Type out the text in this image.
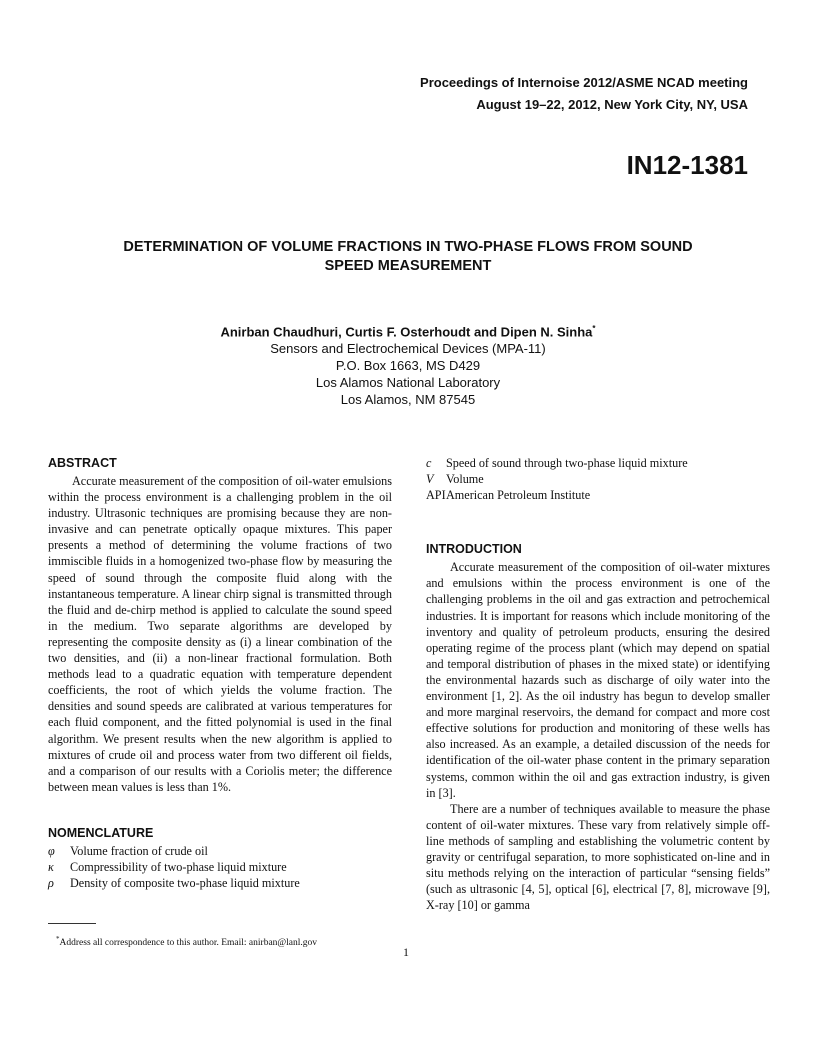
Proceedings of Internoise 2012/ASME NCAD meeting
August 19–22, 2012, New York City, NY, USA
IN12-1381
DETERMINATION OF VOLUME FRACTIONS IN TWO-PHASE FLOWS FROM SOUND
SPEED MEASUREMENT
Anirban Chaudhuri, Curtis F. Osterhoudt and Dipen N. Sinha*
Sensors and Electrochemical Devices (MPA-11)
P.O. Box 1663, MS D429
Los Alamos National Laboratory
Los Alamos, NM 87545
ABSTRACT

Accurate measurement of the composition of oil-water emulsions within the process environment is a challenging problem in the oil industry. Ultrasonic techniques are promising because they are non-invasive and can penetrate optically opaque mixtures. This paper presents a method of determining the volume fractions of two immiscible fluids in a homogenized two-phase flow by measuring the speed of sound through the composite fluid along with the instantaneous temperature. A linear chirp signal is transmitted through the fluid and de-chirp method is applied to calculate the sound speed in the medium. Two separate algorithms are developed by representing the composite density as (i) a linear combination of the two densities, and (ii) a non-linear fractional formulation. Both methods lead to a quadratic equation with temperature dependent coefficients, the root of which yields the volume fraction. The densities and sound speeds are calibrated at various temperatures for each fluid component, and the fitted polynomial is used in the final algorithm. We present results when the new algorithm is applied to mixtures of crude oil and process water from two different oil fields, and a comparison of our results with a Coriolis meter; the difference between mean values is less than 1%.

NOMENCLATURE
φ	Volume fraction of crude oil
κ	Compressibility of two-phase liquid mixture
ρ	Density of composite two-phase liquid mixture
c	Speed of sound through two-phase liquid mixture
V	Volume
API American Petroleum Institute
INTRODUCTION

Accurate measurement of the composition of oil-water mixtures and emulsions within the process environment is one of the challenging problems in the oil and gas extraction and petrochemical industries. It is important for reasons which include monitoring of the inventory and quality of petroleum products, ensuring the desired operating regime of the process plant (which may depend on spatial and temporal distribution of phases in the mixed state) or identifying the environmental hazards such as discharge of oily water into the environment [1, 2]. As the oil industry has begun to develop smaller and more marginal reservoirs, the demand for compact and more cost effective solutions for production and monitoring of these wells has also increased. As an example, a detailed discussion of the needs for identification of the oil-water phase content in the primary separation systems, common within the oil and gas extraction industry, is given in [3].

There are a number of techniques available to measure the phase content of oil-water mixtures. These vary from relatively simple off-line methods of sampling and establishing the volumetric content by gravity or centrifugal separation, to more sophisticated on-line and in situ methods relying on the interaction of particular “sensing fields” (such as ultrasonic [4, 5], optical [6], electrical [7, 8], microwave [9], X-ray [10] or gamma

*Address all correspondence to this author. Email: anirban@lanl.gov
1
